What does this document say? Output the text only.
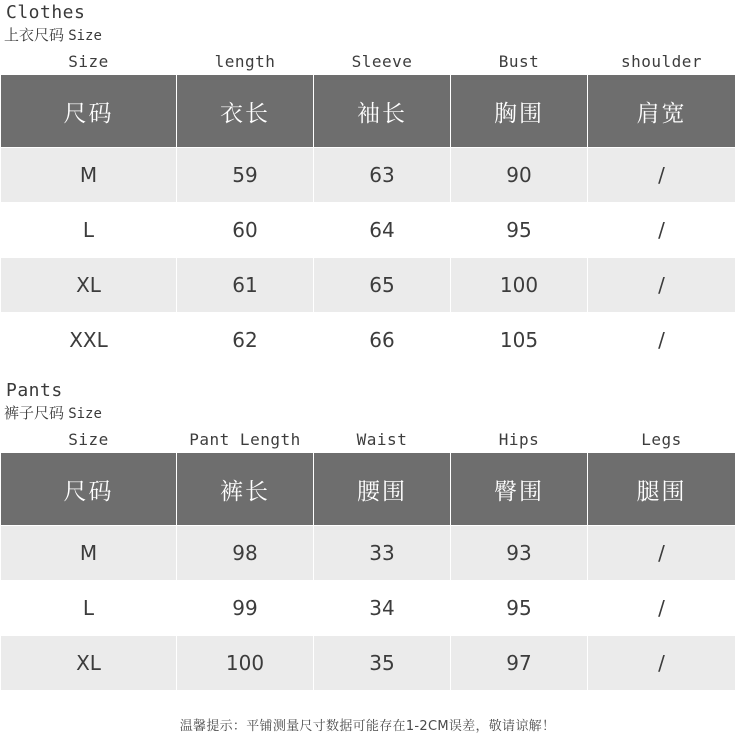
Clothes
上衣尺码 Size
Size	length	Sleeve	Bust	shoulder
尺码	衣长	袖长	胸围	肩宽
M	59	63	90	/
L	60	64	95	/
XL	61	65	100	/
XXL	62	66	105	/
Pants
裤子尺码 Size
Size	Pant Length	Waist	Hips	Legs
尺码	裤长	腰围	臀围	腿围
M	98	33	93	/
L	99	34	95	/
XL	100	35	97	/
温馨提示：平铺测量尺寸数据可能存在1-2CM误差，敬请谅解！
